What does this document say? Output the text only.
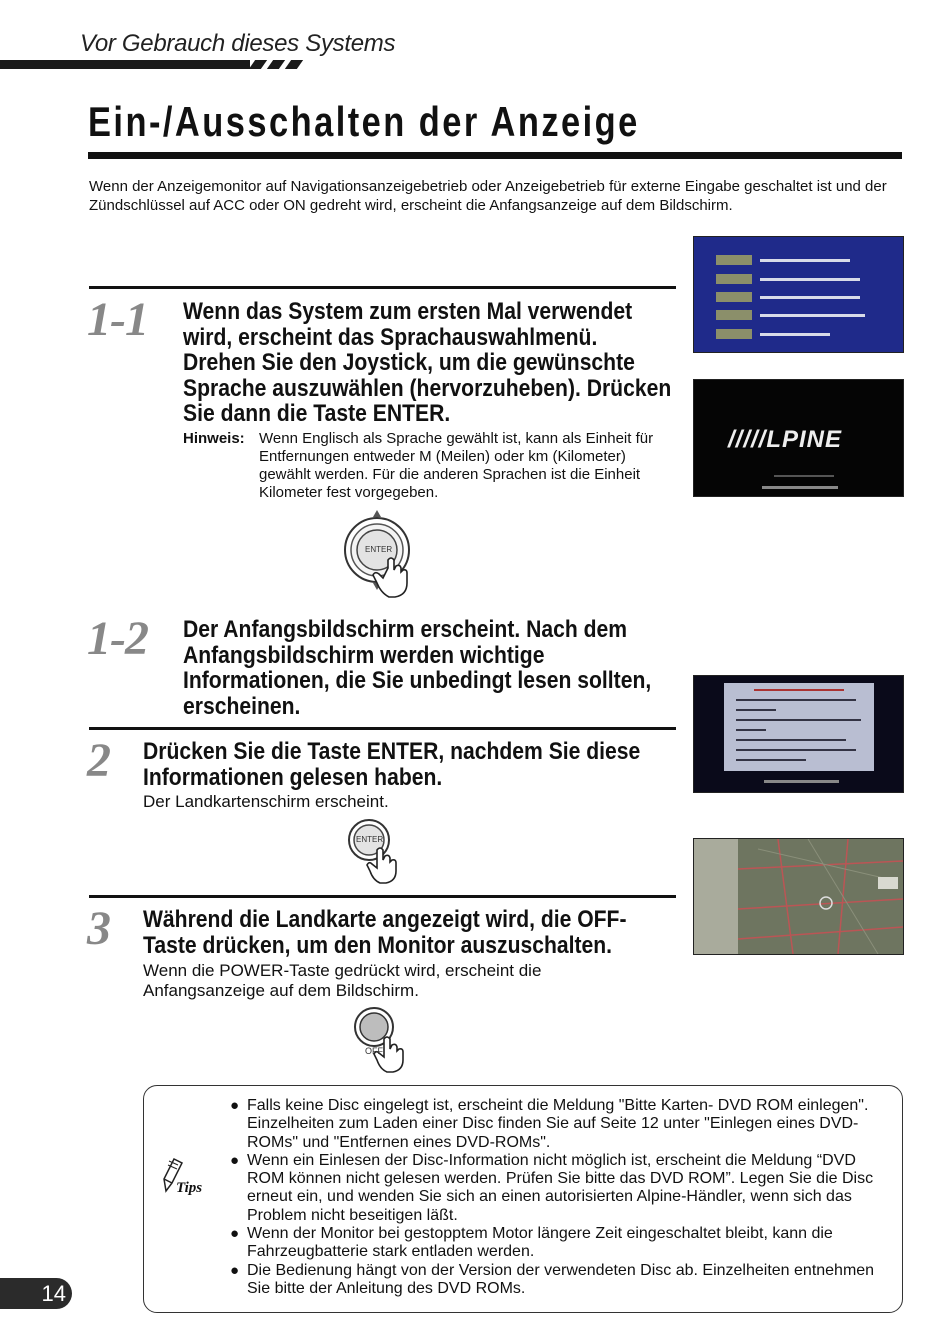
Vor Gebrauch dieses Systems
Ein-/Ausschalten der Anzeige
Wenn der Anzeigemonitor auf Navigationsanzeigebetrieb oder Anzeigebetrieb für externe Eingabe geschaltet ist und der Zündschlüssel auf ACC oder ON gedreht wird, erscheint die Anfangsanzeige auf dem Bildschirm.
1-1 Wenn das System zum ersten Mal verwendet wird, erscheint das Sprachauswahlmenü. Drehen Sie den Joystick, um die gewünschte Sprache auszuwählen (hervorzuheben). Drücken Sie dann die Taste ENTER.
Hinweis: Wenn Englisch als Sprache gewählt ist, kann als Einheit für Entfernungen entweder M (Meilen) oder km (Kilometer) gewählt werden. Für die anderen Sprachen ist die Einheit Kilometer fest vorgegeben.
ENTER
1-2 Der Anfangsbildschirm erscheint. Nach dem Anfangsbildschirm werden wichtige Informationen, die Sie unbedingt lesen sollten, erscheinen.
2 Drücken Sie die Taste ENTER, nachdem Sie diese Informationen gelesen haben.
Der Landkartenschirm erscheint.
ENTER
3 Während die Landkarte angezeigt wird, die OFF-Taste drücken, um den Monitor auszuschalten.
Wenn die POWER-Taste gedrückt wird, erscheint die Anfangsanzeige auf dem Bildschirm.
OFF
/////LPINE
Tips
● Falls keine Disc eingelegt ist, erscheint die Meldung "Bitte Karten- DVD ROM einlegen". Einzelheiten zum Laden einer Disc finden Sie auf Seite 12 unter "Einlegen eines DVD-ROMs" und "Entfernen eines DVD-ROMs".
● Wenn ein Einlesen der Disc-Information nicht möglich ist, erscheint die Meldung “DVD ROM können nicht gelesen werden. Prüfen Sie bitte das DVD ROM”. Legen Sie die Disc erneut ein, und wenden Sie sich an einen autorisierten Alpine-Händler, wenn sich das Problem nicht beseitigen läßt.
● Wenn der Monitor bei gestopptem Motor längere Zeit eingeschaltet bleibt, kann die Fahrzeugbatterie stark entladen werden.
● Die Bedienung hängt von der Version der verwendeten Disc ab. Einzelheiten entnehmen Sie bitte der Anleitung des DVD ROMs.
14
